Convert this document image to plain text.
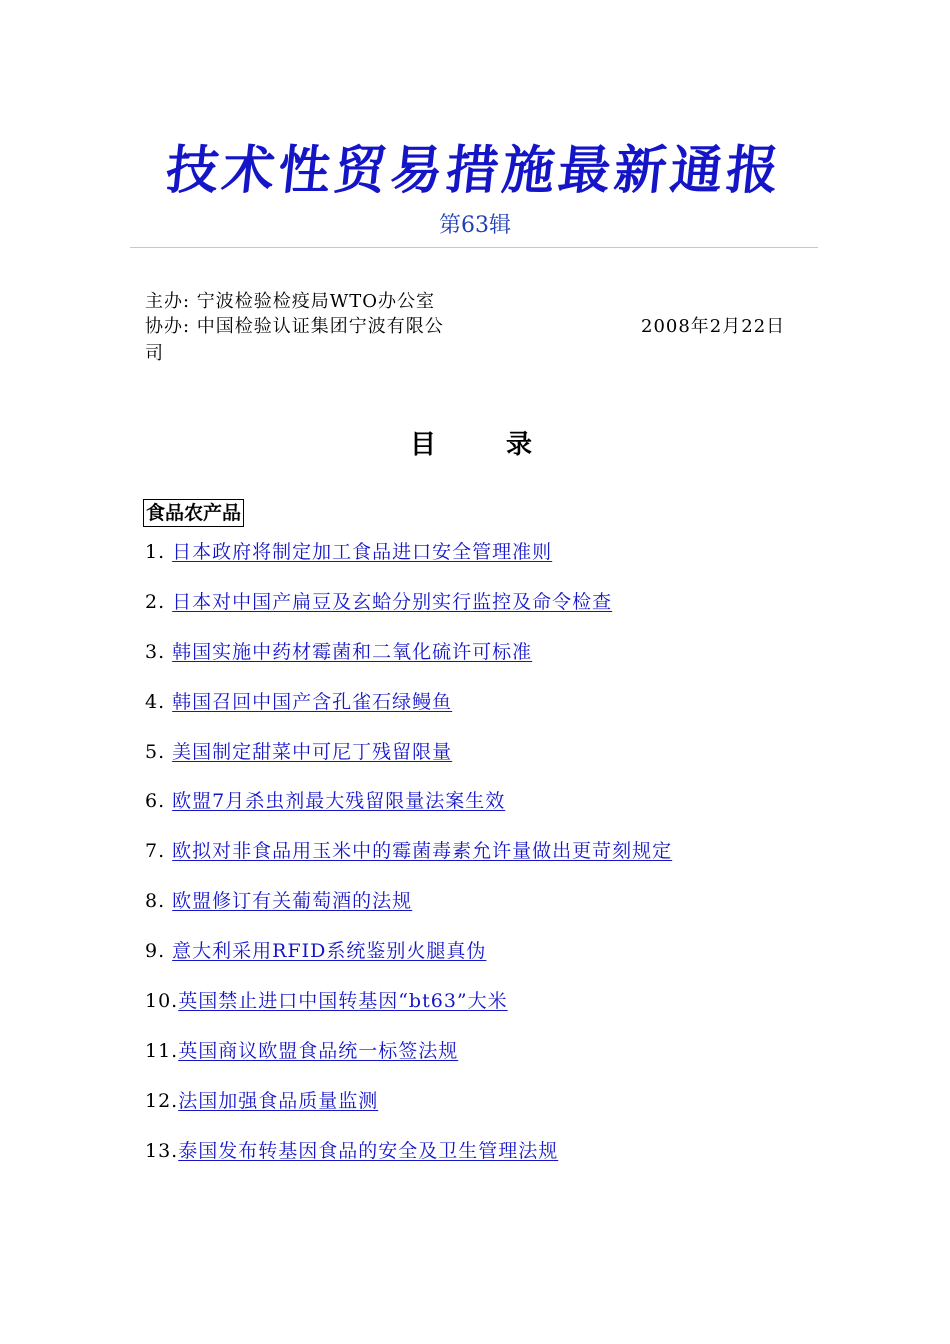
技术性贸易措施最新通报
第63辑
主办: 宁波检验检疫局WTO办公室
协办: 中国检验认证集团宁波有限公	2008年2月22日
司
目录
食品农产品
1. 日本政府将制定加工食品进口安全管理准则
2. 日本对中国产扁豆及玄蛤分别实行监控及命令检查
3. 韩国实施中药材霉菌和二氧化硫许可标准
4. 韩国召回中国产含孔雀石绿鳗鱼
5. 美国制定甜菜中可尼丁残留限量
6. 欧盟7月杀虫剂最大残留限量法案生效
7. 欧拟对非食品用玉米中的霉菌毒素允许量做出更苛刻规定
8. 欧盟修订有关葡萄酒的法规
9. 意大利采用RFID系统鉴别火腿真伪
10.英国禁止进口中国转基因“bt63”大米
11.英国商议欧盟食品统一标签法规
12.法国加强食品质量监测
13.泰国发布转基因食品的安全及卫生管理法规
